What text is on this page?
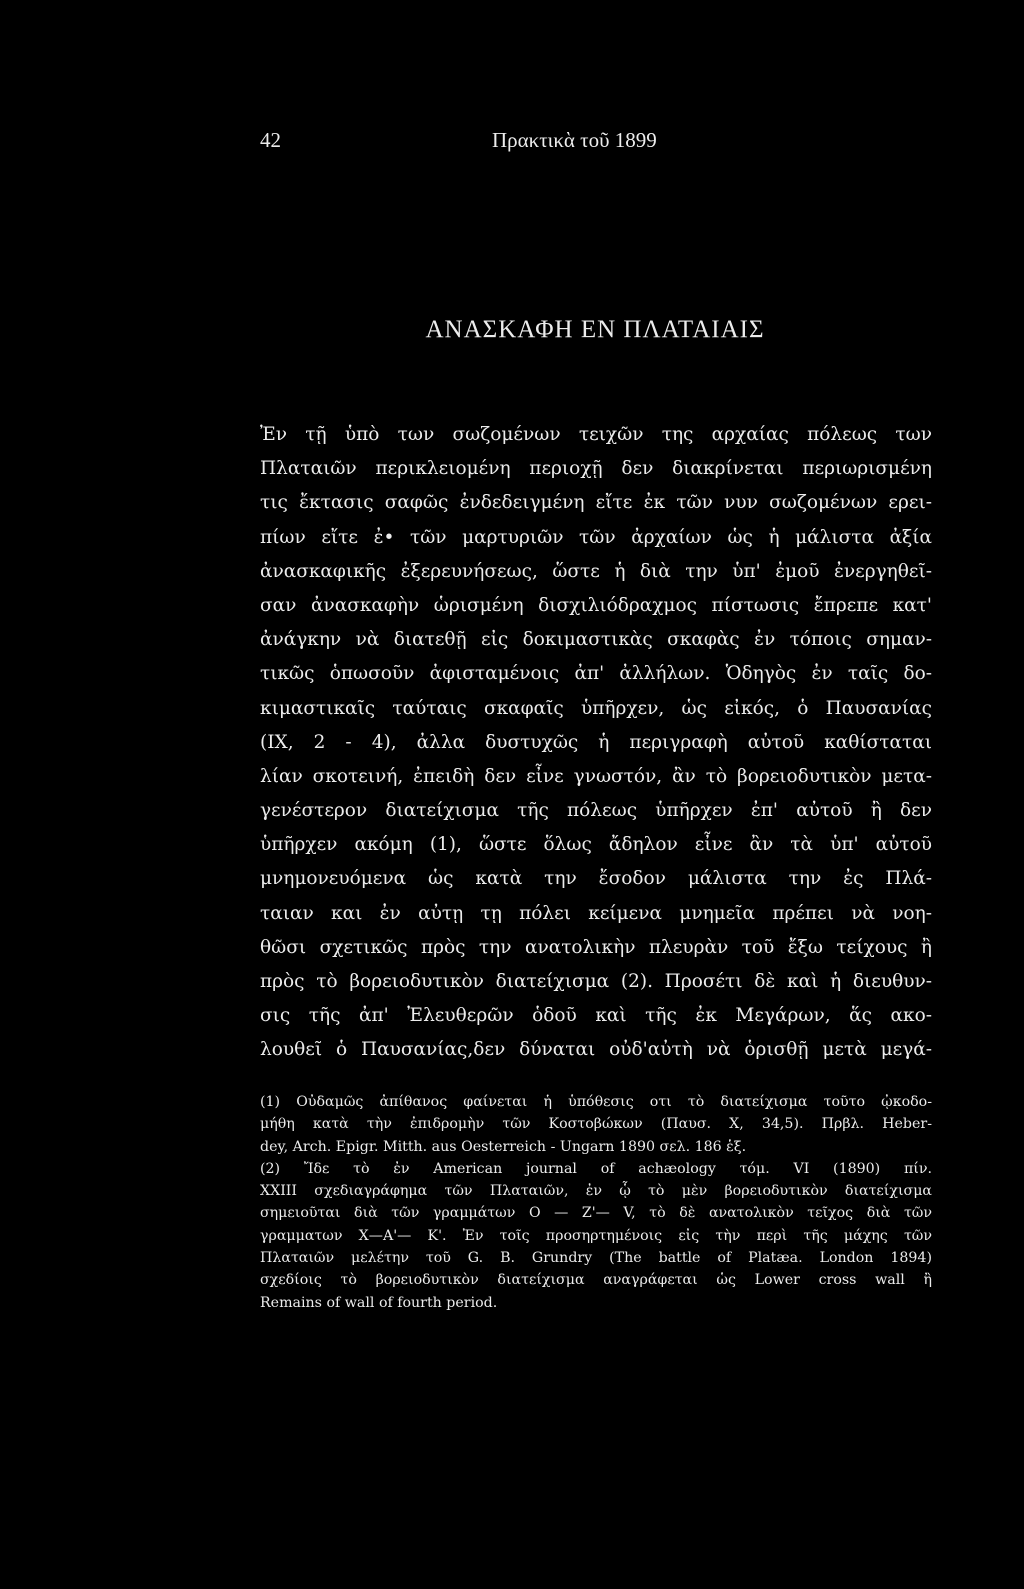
42	Πρακτικὰ τοῦ 1899
ΑΝΑΣΚΑΦΗ ΕΝ ΠΛΑΤΑΙΑΙΣ
Ἐν τῇ ὑπὸ των σωζομένων τειχῶν της αρχαίας πόλεως των
Πλαταιῶν περικλειομένη περιοχῇ δεν διακρίνεται περιωρισμένη
τις ἔκτασις σαφῶς ἐνδεδειγμένη εἴτε ἐκ τῶν νυν σωζομένων ερει-
πίων εἴτε ἐ• τῶν μαρτυριῶν τῶν ἀρχαίων ὡς ἡ μάλιστα ἀξία
ἀνασκαφικῆς ἐξερευνήσεως, ὥστε ἡ διὰ την ὑπ' ἐμοῦ ἐνεργηθεῖ-
σαν ἀνασκαφὴν ὡρισμένη δισχιλιόδραχμος πίστωσις ἔπρεπε κατ'
ἀνάγκην νὰ διατεθῇ εἰς δοκιμαστικὰς σκαφὰς ἐν τόποις σημαν-
τικῶς ὁπωσοῦν ἀφισταμένοις ἀπ' ἀλλήλων. Ὁδηγὸς ἐν ταῖς δο-
κιμαστικαῖς ταύταις σκαφαῖς ὑπῆρχεν, ὡς εἰκός, ὁ Παυσανίας
(IX, 2 - 4), ἀλλα δυστυχῶς ἡ περιγραφὴ αὐτοῦ καθίσταται
λίαν σκοτεινή, ἐπειδὴ δεν εἶνε γνωστόν, ἂν τὸ βορειοδυτικὸν μετα-
γενέστερον διατείχισμα τῆς πόλεως ὑπῆρχεν ἐπ' αὐτοῦ ἢ δεν
ὑπῆρχεν ακόμη (1), ὥστε ὅλως ἄδηλον εἶνε ἂν τὰ ὑπ' αὐτοῦ
μνημονευόμενα ὡς κατὰ την ἔσοδον μάλιστα την ἐς Πλά-
ταιαν και ἐν αὐτῃ τῃ πόλει κείμενα μνημεῖα πρέπει νὰ νοη-
θῶσι σχετικῶς πρὸς την ανατολικὴν πλευρὰν τοῦ ἔξω τείχους ἢ
πρὸς τὸ βορειοδυτικὸν διατείχισμα (2). Προσέτι δὲ καὶ ἡ διευθυν-
σις τῆς ἀπ' Ἐλευθερῶν ὁδοῦ καὶ τῆς ἐκ Μεγάρων, ἅς ακο-
λουθεῖ ὁ Παυσανίας,δεν δύναται οὐδ'αὐτὴ νὰ ὁρισθῇ μετὰ μεγά-
(1) Οὐδαμῶς ἀπίθανος φαίνεται ἡ ὑπόθεσις οτι τὸ διατείχισμα τοῦτο ᾠκοδο-
μήθη κατὰ τὴν ἐπιδρομὴν τῶν Κοστοβώκων (Παυσ. Χ, 34,5). Πρβλ. Heber-
dey, Arch. Epigr. Mitth. aus Oesterreich - Ungarn 1890 σελ. 186 ἑξ.
(2) Ἴδε τὸ ἐν American journal of achæology τόμ. VI (1890) πίν.
XXIII σχεδιαγράφημα τῶν Πλαταιῶν, ἐν ᾧ τὸ μὲν βορειοδυτικὸν διατείχισμα
σημειοῦται διὰ τῶν γραμμάτων O — Z'— V, τὸ δὲ ανατολικὸν τεῖχος διὰ τῶν
γραμματων X—A'— K'. Ἐν τοῖς προσηρτημένοις εἰς τὴν περὶ τῆς μάχης τῶν
Πλαταιῶν μελέτην τοῦ G. B. Grundry (The battle of Platæa. London 1894)
σχεδίοις τὸ βορειοδυτικὸν διατείχισμα αναγράφεται ὡς Lower cross wall ἢ
Remains of wall of fourth period.
